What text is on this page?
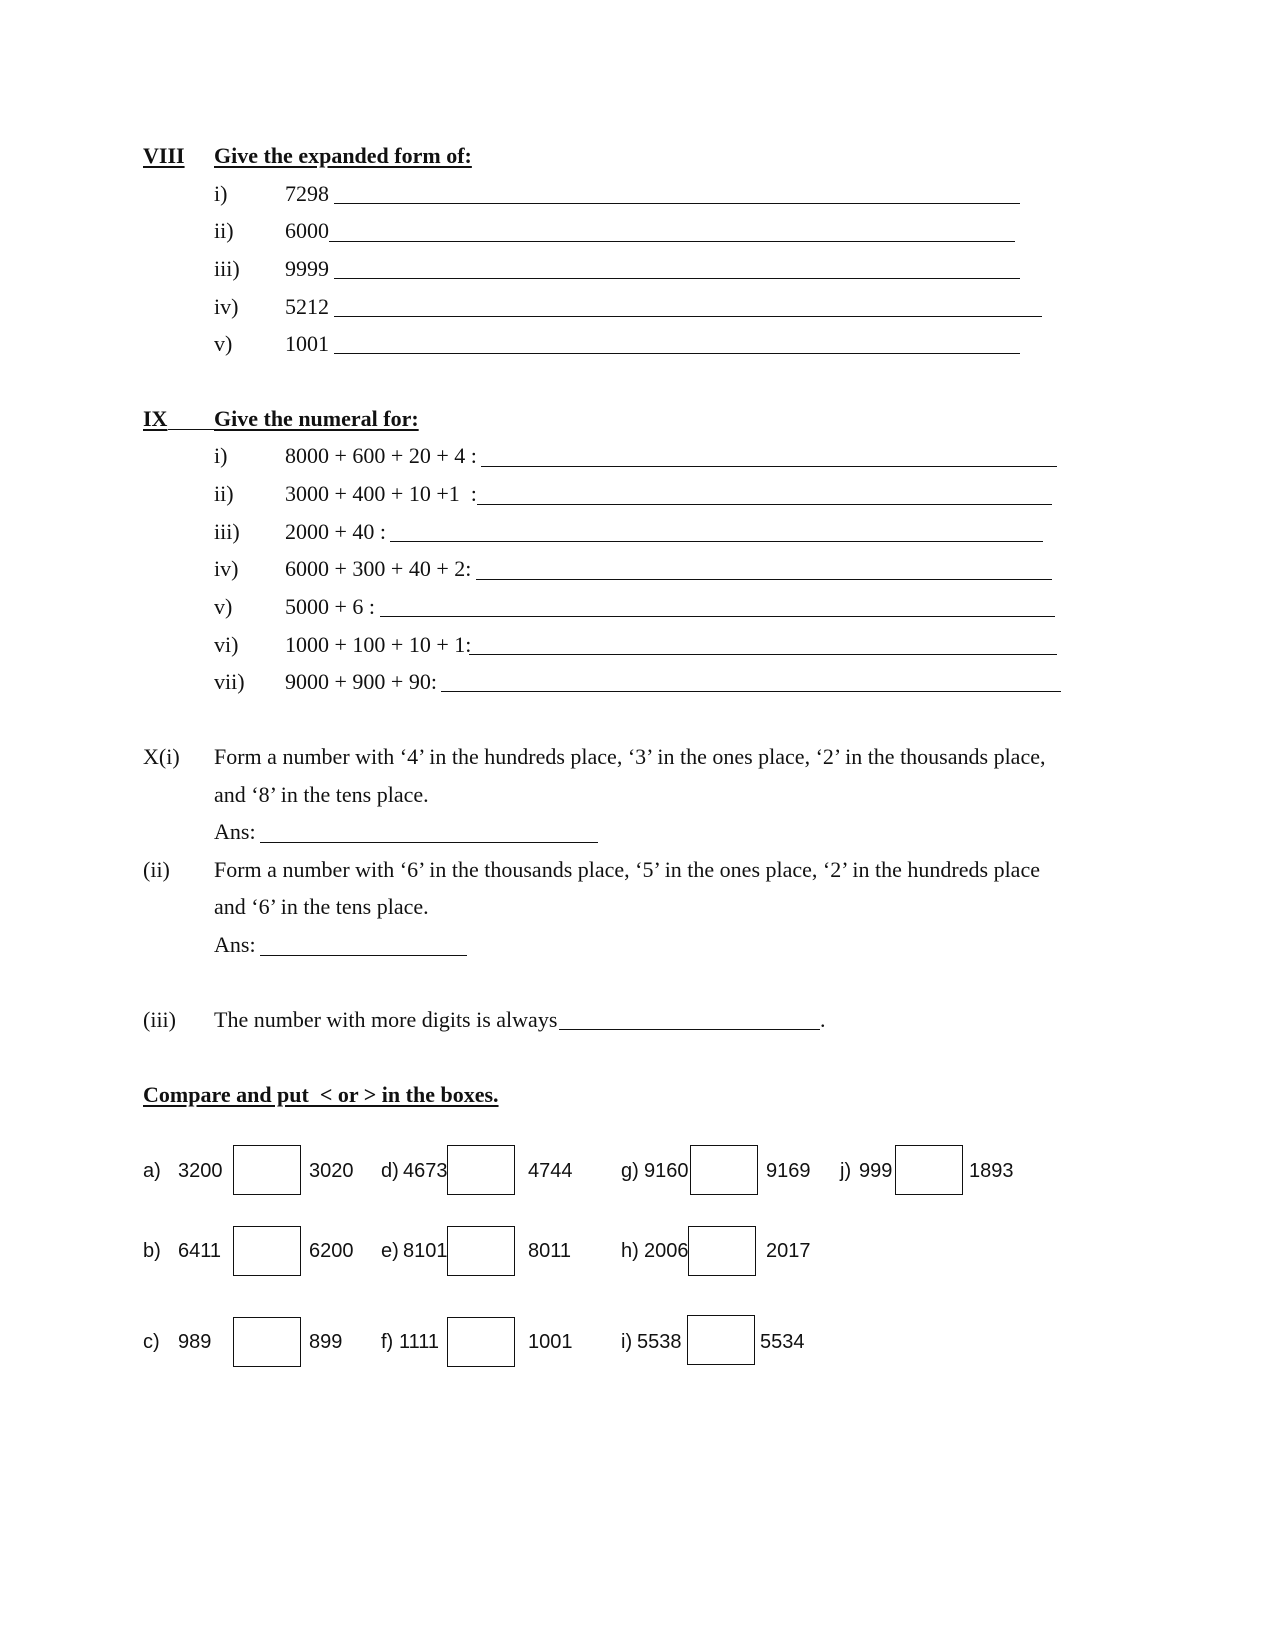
VIII Give the expanded form of:
i)	7298
ii) 6000
iii) 9999
iv) 5212
v) 1001
IX Give the numeral for:
i)	8000 + 600 + 20 + 4 :
ii) 3000 + 400 + 10 +1  :
iii) 2000 + 40 :
iv) 6000 + 300 + 40 + 2:
v) 5000 + 6 :
vi) 1000 + 100 + 10 + 1:
vii) 9000 + 900 + 90:
X(i) Form a number with ‘4’ in the hundreds place, ‘3’ in the ones place, ‘2’ in the thousands place,
and ‘8’ in the tens place.
Ans:
(ii) Form a number with ‘6’ in the thousands place, ‘5’ in the ones place, ‘2’ in the hundreds place
and ‘6’ in the tens place.
Ans:
(iii) The number with more digits is always	.
Compare and put  < or > in the boxes.
a) 3200	3020 d) 4673	4744 g) 9160	9169 j) 999	1893
b) 6411	6200 e) 8101	8011 h) 2006	2017
c) 989	899 f) 1111	1001 i) 5538	5534
